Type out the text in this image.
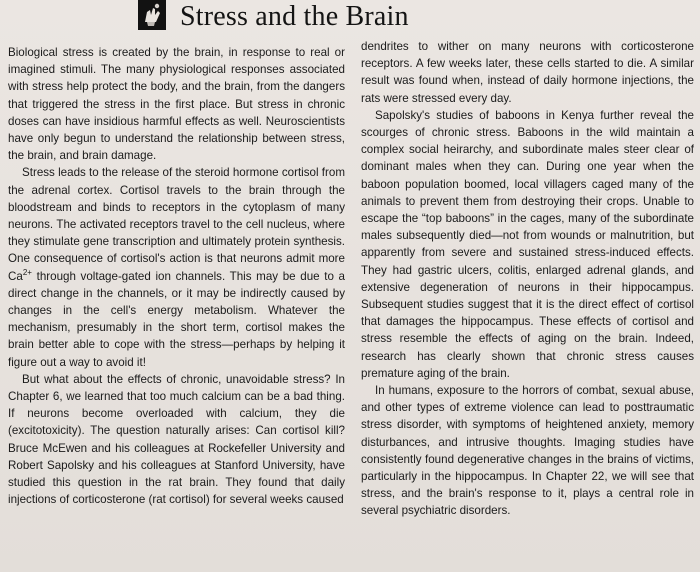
Stress and the Brain

Biological stress is created by the brain, in response to real or imagined stimuli. The many physiological responses associated with stress help protect the body, and the brain, from the dangers that triggered the stress in the first place. But stress in chronic doses can have insidious harmful effects as well. Neuroscientists have only begun to understand the relationship between stress, the brain, and brain damage.

Stress leads to the release of the steroid hormone cortisol from the adrenal cortex. Cortisol travels to the brain through the bloodstream and binds to receptors in the cytoplasm of many neurons. The activated receptors travel to the cell nucleus, where they stimulate gene transcription and ultimately protein synthesis. One consequence of cortisol's action is that neurons admit more $Ca^{2+}$ through voltage-gated ion channels. This may be due to a direct change in the channels, or it may be indirectly caused by changes in the cell's energy metabolism. Whatever the mechanism, presumably in the short term, cortisol makes the brain better able to cope with the stress—perhaps by helping it figure out a way to avoid it!

But what about the effects of chronic, unavoidable stress? In Chapter 6, we learned that too much calcium can be a bad thing. If neurons become overloaded with calcium, they die (excitotoxicity). The question naturally arises: Can cortisol kill? Bruce McEwen and his colleagues at Rockefeller University and Robert Sapolsky and his colleagues at Stanford University, have studied this question in the rat brain. They found that daily injections of corticosterone (rat cortisol) for several weeks caused

dendrites to wither on many neurons with corticosterone receptors. A few weeks later, these cells started to die. A similar result was found when, instead of daily hormone injections, the rats were stressed every day.

Sapolsky's studies of baboons in Kenya further reveal the scourges of chronic stress. Baboons in the wild maintain a complex social heirarchy, and subordinate males steer clear of dominant males when they can. During one year when the baboon population boomed, local villagers caged many of the animals to prevent them from destroying their crops. Unable to escape the “top baboons” in the cages, many of the subordinate males subsequently died—not from wounds or malnutrition, but apparently from severe and sustained stress-induced effects. They had gastric ulcers, colitis, enlarged adrenal glands, and extensive degeneration of neurons in their hippocampus. Subsequent studies suggest that it is the direct effect of cortisol that damages the hippocampus. These effects of cortisol and stress resemble the effects of aging on the brain. Indeed, research has clearly shown that chronic stress causes premature aging of the brain.

In humans, exposure to the horrors of combat, sexual abuse, and other types of extreme violence can lead to posttraumatic stress disorder, with symptoms of heightened anxiety, memory disturbances, and intrusive thoughts. Imaging studies have consistently found degenerative changes in the brains of victims, particularly in the hippocampus. In Chapter 22, we will see that stress, and the brain's response to it, plays a central role in several psychiatric disorders.
